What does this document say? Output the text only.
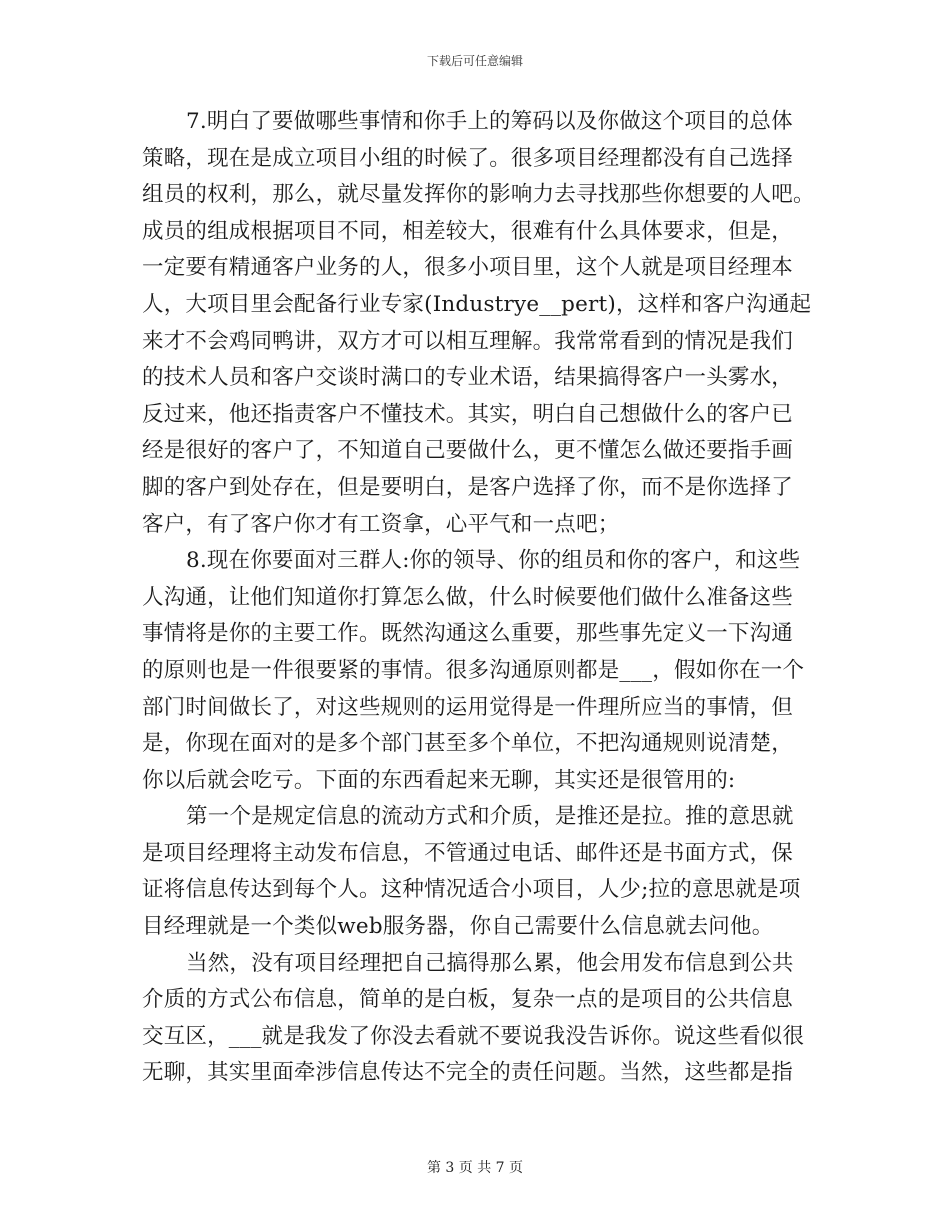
下载后可任意编辑
7.明白了要做哪些事情和你手上的筹码以及你做这个项目的总体
策略，现在是成立项目小组的时候了。很多项目经理都没有自己选择
组员的权利，那么，就尽量发挥你的影响力去寻找那些你想要的人吧。
成员的组成根据项目不同，相差较大，很难有什么具体要求，但是，
一定要有精通客户业务的人，很多小项目里，这个人就是项目经理本
人，大项目里会配备行业专家(Industrye__pert)，这样和客户沟通起
来才不会鸡同鸭讲，双方才可以相互理解。我常常看到的情况是我们
的技术人员和客户交谈时满口的专业术语，结果搞得客户一头雾水，
反过来，他还指责客户不懂技术。其实，明白自己想做什么的客户已
经是很好的客户了，不知道自己要做什么，更不懂怎么做还要指手画
脚的客户到处存在，但是要明白，是客户选择了你，而不是你选择了
客户，有了客户你才有工资拿，心平气和一点吧；
8.现在你要面对三群人:你的领导、你的组员和你的客户，和这些
人沟通，让他们知道你打算怎么做，什么时候要他们做什么准备这些
事情将是你的主要工作。既然沟通这么重要，那些事先定义一下沟通
的原则也是一件很要紧的事情。很多沟通原则都是___，假如你在一个
部门时间做长了，对这些规则的运用觉得是一件理所应当的事情，但
是，你现在面对的是多个部门甚至多个单位，不把沟通规则说清楚，
你以后就会吃亏。下面的东西看起来无聊，其实还是很管用的:
第一个是规定信息的流动方式和介质，是推还是拉。推的意思就
是项目经理将主动发布信息，不管通过电话、邮件还是书面方式，保
证将信息传达到每个人。这种情况适合小项目，人少;拉的意思就是项
目经理就是一个类似web服务器，你自己需要什么信息就去问他。
当然，没有项目经理把自己搞得那么累，他会用发布信息到公共
介质的方式公布信息，简单的是白板，复杂一点的是项目的公共信息
交互区，___就是我发了你没去看就不要说我没告诉你。说这些看似很
无聊，其实里面牵涉信息传达不完全的责任问题。当然，这些都是指
第 3 页 共 7 页
